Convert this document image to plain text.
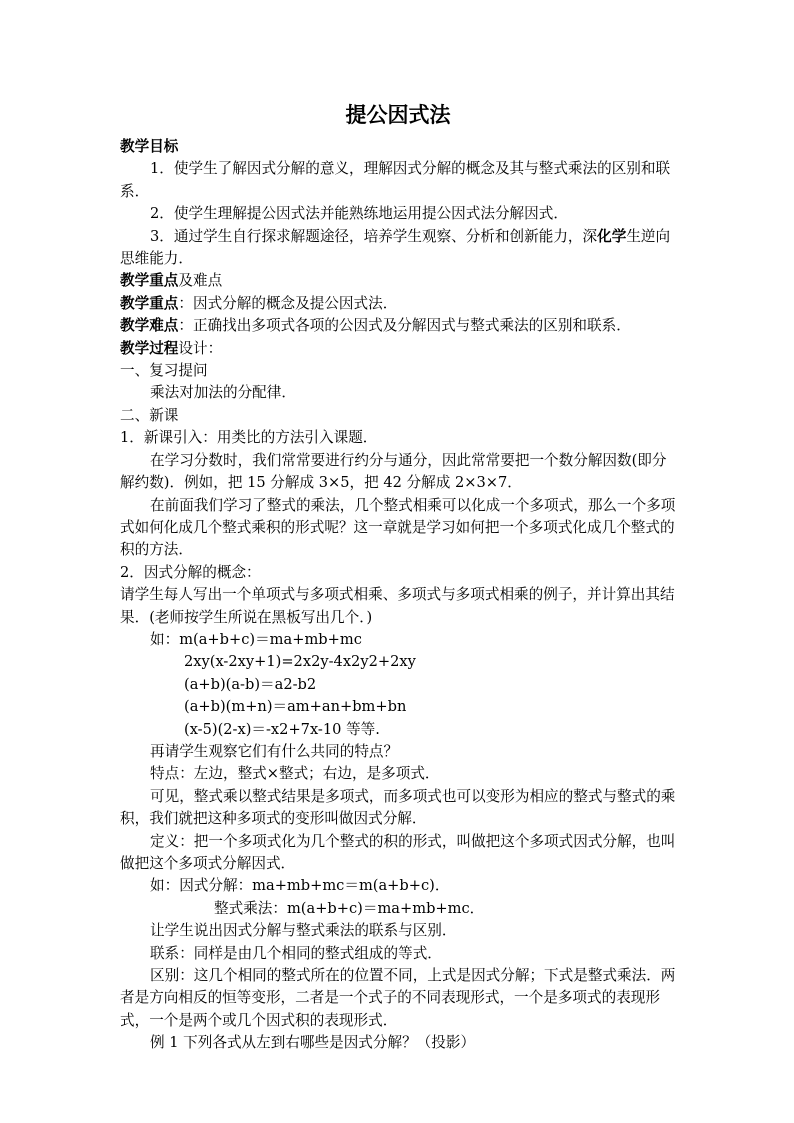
提公因式法

教学目标

1．使学生了解因式分解的意义，理解因式分解的概念及其与整式乘法的区别和联系．

2．使学生理解提公因式法并能熟练地运用提公因式法分解因式．

3．通过学生自行探求解题途径，培养学生观察、分析和创新能力，深化学生逆向思维能力．

教学重点及难点

教学重点：因式分解的概念及提公因式法．

教学难点：正确找出多项式各项的公因式及分解因式与整式乘法的区别和联系．

教学过程设计：

一、复习提问

乘法对加法的分配律．

二、新课

1．新课引入：用类比的方法引入课题．

在学习分数时，我们常常要进行约分与通分，因此常常要把一个数分解因数(即分解约数)．例如，把 15 分解成 3×5，把 42 分解成 2×3×7．

在前面我们学习了整式的乘法，几个整式相乘可以化成一个多项式，那么一个多项式如何化成几个整式乘积的形式呢？这一章就是学习如何把一个多项式化成几个整式的积的方法．

2．因式分解的概念：

请学生每人写出一个单项式与多项式相乘、多项式与多项式相乘的例子，并计算出其结果．(老师按学生所说在黑板写出几个．)

如：m(a+b+c)＝ma+mb+mc

2xy(x-2xy+1)=2x2y-4x2y2+2xy

(a+b)(a-b)＝a2-b2

(a+b)(m+n)＝am+an+bm+bn

(x-5)(2-x)＝-x2+7x-10 等等.

再请学生观察它们有什么共同的特点？

特点：左边，整式×整式；右边，是多项式．

可见，整式乘以整式结果是多项式，而多项式也可以变形为相应的整式与整式的乘积，我们就把这种多项式的变形叫做因式分解．

定义：把一个多项式化为几个整式的积的形式，叫做把这个多项式因式分解，也叫做把这个多项式分解因式．

如：因式分解：ma+mb+mc＝m(a+b+c)．

整式乘法：m(a+b+c)＝ma+mb+mc．

让学生说出因式分解与整式乘法的联系与区别．

联系：同样是由几个相同的整式组成的等式．

区别：这几个相同的整式所在的位置不同，上式是因式分解；下式是整式乘法．两者是方向相反的恒等变形，二者是一个式子的不同表现形式，一个是多项式的表现形式，一个是两个或几个因式积的表现形式．

例 1 下列各式从左到右哪些是因式分解？（投影）
